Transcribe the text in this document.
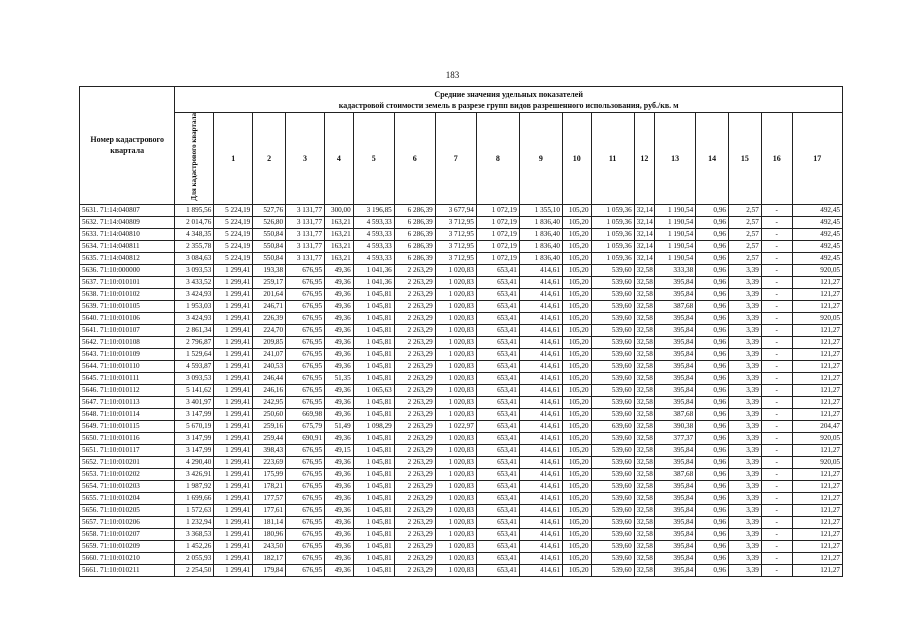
183
Номер кадастрового квартала	Средние значения удельных показателей
кадастровой стоимости земель в разрезе групп видов разрешенного использования, руб./кв. м																	

	Для кадастрового квартала	1	2	3	4	5	6	7	8	9	10	11	12	13	14	15	16	17
5631. 71:14:040807	1 895,56	5 224,19	527,76	3 131,77	300,00	3 196,85	6 286,39	3 677,94	1 072,19	1 355,10	105,20	1 059,36	32,14	1 190,54	0,96	2,57	-	492,45
5632. 71:14:040809	2 014,76	5 224,19	526,80	3 131,77	163,21	4 593,33	6 286,39	3 712,95	1 072,19	1 836,40	105,20	1 059,36	32,14	1 190,54	0,96	2,57	-	492,45
5633. 71:14:040810	4 348,35	5 224,19	550,84	3 131,77	163,21	4 593,33	6 286,39	3 712,95	1 072,19	1 836,40	105,20	1 059,36	32,14	1 190,54	0,96	2,57	-	492,45
5634. 71:14:040811	2 355,78	5 224,19	550,84	3 131,77	163,21	4 593,33	6 286,39	3 712,95	1 072,19	1 836,40	105,20	1 059,36	32,14	1 190,54	0,96	2,57	-	492,45
5635. 71:14:040812	3 084,63	5 224,19	550,84	3 131,77	163,21	4 593,33	6 286,39	3 712,95	1 072,19	1 836,40	105,20	1 059,36	32,14	1 190,54	0,96	2,57	-	492,45
5636. 71:10:000000	3 093,53	1 299,41	193,38	676,95	49,36	1 041,36	2 263,29	1 020,83	653,41	414,61	105,20	539,60	32,58	333,38	0,96	3,39	-	920,05
5637. 71:10:010101	3 433,52	1 299,41	259,17	676,95	49,36	1 041,36	2 263,29	1 020,83	653,41	414,61	105,20	539,60	32,58	395,84	0,96	3,39	-	121,27
5638. 71:10:010102	3 424,93	1 299,41	201,64	676,95	49,36	1 045,81	2 263,29	1 020,83	653,41	414,61	105,20	539,60	32,58	395,84	0,96	3,39	-	121,27
5639. 71:10:010105	1 953,03	1 299,41	246,71	676,95	49,36	1 045,81	2 263,29	1 020,83	653,41	414,61	105,20	539,60	32,58	387,68	0,96	3,39	-	121,27
5640. 71:10:010106	3 424,93	1 299,41	226,39	676,95	49,36	1 045,81	2 263,29	1 020,83	653,41	414,61	105,20	539,60	32,58	395,84	0,96	3,39	-	920,05
5641. 71:10:010107	2 861,34	1 299,41	224,70	676,95	49,36	1 045,81	2 263,29	1 020,83	653,41	414,61	105,20	539,60	32,58	395,84	0,96	3,39	-	121,27
5642. 71:10:010108	2 796,87	1 299,41	209,85	676,95	49,36	1 045,81	2 263,29	1 020,83	653,41	414,61	105,20	539,60	32,58	395,84	0,96	3,39	-	121,27
5643. 71:10:010109	1 529,64	1 299,41	241,07	676,95	49,36	1 045,81	2 263,29	1 020,83	653,41	414,61	105,20	539,60	32,58	395,84	0,96	3,39	-	121,27
5644. 71:10:010110	4 593,87	1 299,41	240,53	676,95	49,36	1 045,81	2 263,29	1 020,83	653,41	414,61	105,20	539,60	32,58	395,84	0,96	3,39	-	121,27
5645. 71:10:010111	3 093,53	1 299,41	246,44	676,95	51,35	1 045,81	2 263,29	1 020,83	653,41	414,61	105,20	539,60	32,58	395,84	0,96	3,39	-	121,27
5646. 71:10:010112	5 141,62	1 299,41	246,16	676,95	49,36	1 065,63	2 263,29	1 020,83	653,41	414,61	105,20	539,60	32,58	395,84	0,96	3,39	-	121,27
5647. 71:10:010113	3 401,97	1 299,41	242,95	676,95	49,36	1 045,81	2 263,29	1 020,83	653,41	414,61	105,20	539,60	32,58	395,84	0,96	3,39	-	121,27
5648. 71:10:010114	3 147,99	1 299,41	250,60	669,98	49,36	1 045,81	2 263,29	1 020,83	653,41	414,61	105,20	539,60	32,58	387,68	0,96	3,39	-	121,27
5649. 71:10:010115	5 670,19	1 299,41	259,16	675,79	51,49	1 098,29	2 263,29	1 022,97	653,41	414,61	105,20	639,60	32,58	390,38	0,96	3,39	-	204,47
5650. 71:10:010116	3 147,99	1 299,41	259,44	690,91	49,36	1 045,81	2 263,29	1 020,83	653,41	414,61	105,20	539,60	32,58	377,37	0,96	3,39	-	920,05
5651. 71:10:010117	3 147,99	1 299,41	398,43	676,95	49,15	1 045,81	2 263,29	1 020,83	653,41	414,61	105,20	539,60	32,58	395,84	0,96	3,39	-	121,27
5652. 71:10:010201	4 290,40	1 299,41	223,69	676,95	49,36	1 045,81	2 263,29	1 020,83	653,41	414,61	105,20	539,60	32,58	395,84	0,96	3,39	-	920,05
5653. 71:10:010202	3 426,91	1 299,41	175,99	676,95	49,36	1 045,81	2 263,29	1 020,83	653,41	414,61	105,20	539,60	32,58	387,68	0,96	3,39	-	121,27
5654. 71:10:010203	1 987,92	1 299,41	178,21	676,95	49,36	1 045,81	2 263,29	1 020,83	653,41	414,61	105,20	539,60	32,58	395,84	0,96	3,39	-	121,27
5655. 71:10:010204	1 699,66	1 299,41	177,57	676,95	49,36	1 045,81	2 263,29	1 020,83	653,41	414,61	105,20	539,60	32,58	395,84	0,96	3,39	-	121,27
5656. 71:10:010205	1 572,63	1 299,41	177,61	676,95	49,36	1 045,81	2 263,29	1 020,83	653,41	414,61	105,20	539,60	32,58	395,84	0,96	3,39	-	121,27
5657. 71:10:010206	1 232,94	1 299,41	181,14	676,95	49,36	1 045,81	2 263,29	1 020,83	653,41	414,61	105,20	539,60	32,58	395,84	0,96	3,39	-	121,27
5658. 71:10:010207	3 368,53	1 299,41	180,96	676,95	49,36	1 045,81	2 263,29	1 020,83	653,41	414,61	105,20	539,60	32,58	395,84	0,96	3,39	-	121,27
5659. 71:10:010209	1 452,26	1 299,41	243,50	676,95	49,36	1 045,81	2 263,29	1 020,83	653,41	414,61	105,20	539,60	32,58	395,84	0,96	3,39	-	121,27
5660. 71:10:010210	2 055,93	1 299,41	182,17	676,95	49,36	1 045,81	2 263,29	1 020,83	653,41	414,61	105,20	539,60	32,58	395,84	0,96	3,39	-	121,27
5661. 71:10:010211	2 254,50	1 299,41	179,84	676,95	49,36	1 045,81	2 263,29	1 020,83	653,41	414,61	105,20	539,60	32,58	395,84	0,96	3,39	-	121,27
